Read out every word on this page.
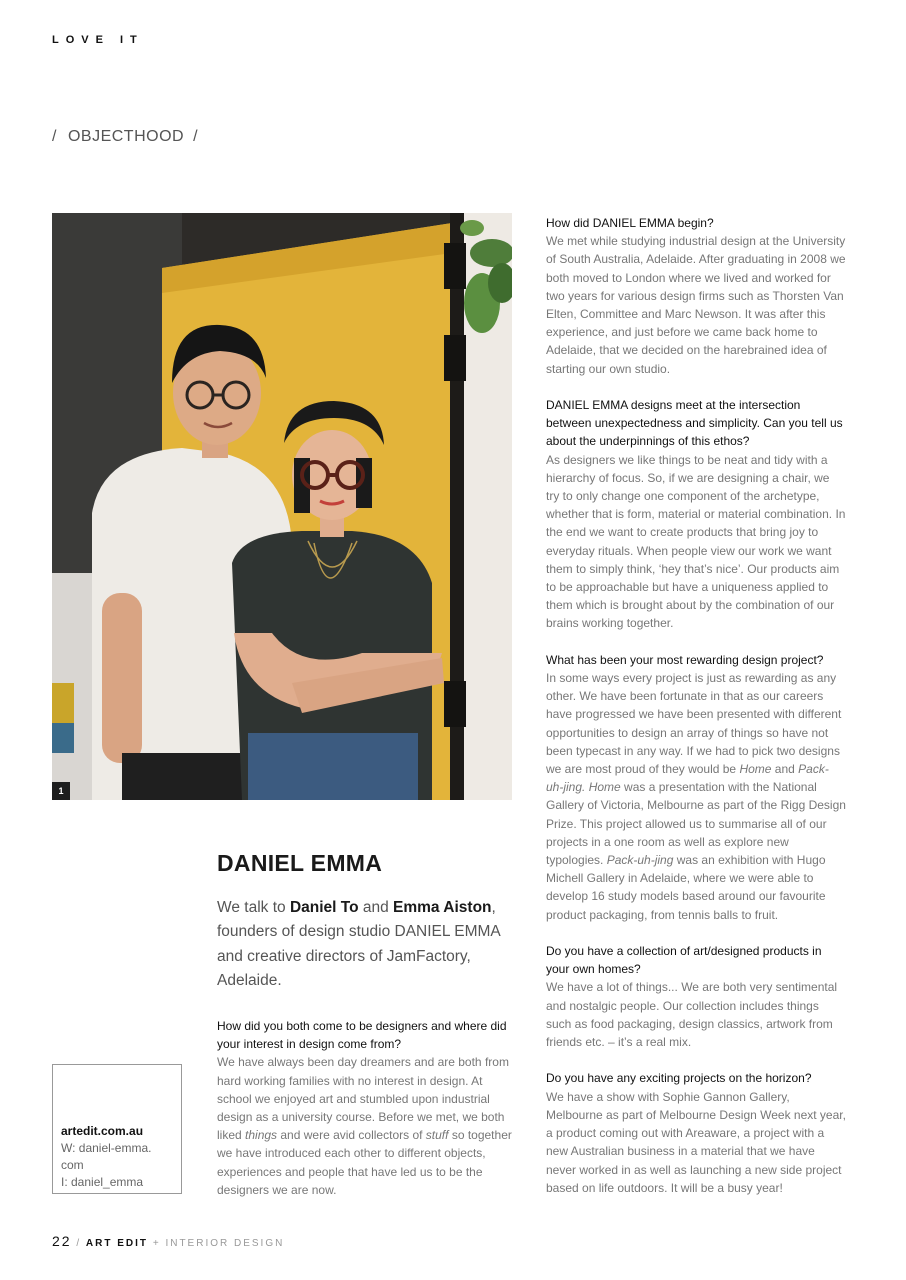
LOVE IT
/ OBJECTHOOD /
1
DANIEL EMMA
We talk to Daniel To and Emma Aiston, founders of design studio DANIEL EMMA and creative directors of JamFactory, Adelaide.
How did you both come to be designers and where did your interest in design come from?
We have always been day dreamers and are both from hard working families with no interest in design. At school we enjoyed art and stumbled upon industrial design as a university course. Before we met, we both liked things and were avid collectors of stuff so together we have introduced each other to different objects, experiences and people that have led us to be the designers we are now.
How did DANIEL EMMA begin?
We met while studying industrial design at the University of South Australia, Adelaide. After graduating in 2008 we both moved to London where we lived and worked for two years for various design firms such as Thorsten Van Elten, Committee and Marc Newson. It was after this experience, and just before we came back home to Adelaide, that we decided on the harebrained idea of starting our own studio.
DANIEL EMMA designs meet at the intersection between unexpectedness and simplicity. Can you tell us about the underpinnings of this ethos?
As designers we like things to be neat and tidy with a hierarchy of focus. So, if we are designing a chair, we try to only change one component of the archetype, whether that is form, material or material combination. In the end we want to create products that bring joy to everyday rituals. When people view our work we want them to simply think, ‘hey that’s nice’. Our products aim to be approachable but have a uniqueness applied to them which is brought about by the combination of our brains working together.
What has been your most rewarding design project?
In some ways every project is just as rewarding as any other. We have been fortunate in that as our careers have progressed we have been presented with different opportunities to design an array of things so have not been typecast in any way. If we had to pick two designs we are most proud of they would be Home and Pack-uh-jing. Home was a presentation with the National Gallery of Victoria, Melbourne as part of the Rigg Design Prize. This project allowed us to summarise all of our projects in a one room as well as explore new typologies. Pack-uh-jing was an exhibition with Hugo Michell Gallery in Adelaide, where we were able to develop 16 study models based around our favourite product packaging, from tennis balls to fruit.
Do you have a collection of art/designed products in your own homes?
We have a lot of things... We are both very sentimental and nostalgic people. Our collection includes things such as food packaging, design classics, artwork from friends etc. – it’s a real mix.
Do you have any exciting projects on the horizon?
We have a show with Sophie Gannon Gallery, Melbourne as part of Melbourne Design Week next year, a product coming out with Areaware, a project with a new Australian business in a material that we have never worked in as well as launching a new side project based on life outdoors. It will be a busy year!
artedit.com.au
W: daniel-emma.
com
I: daniel_emma
22 / ART EDIT + INTERIOR DESIGN
